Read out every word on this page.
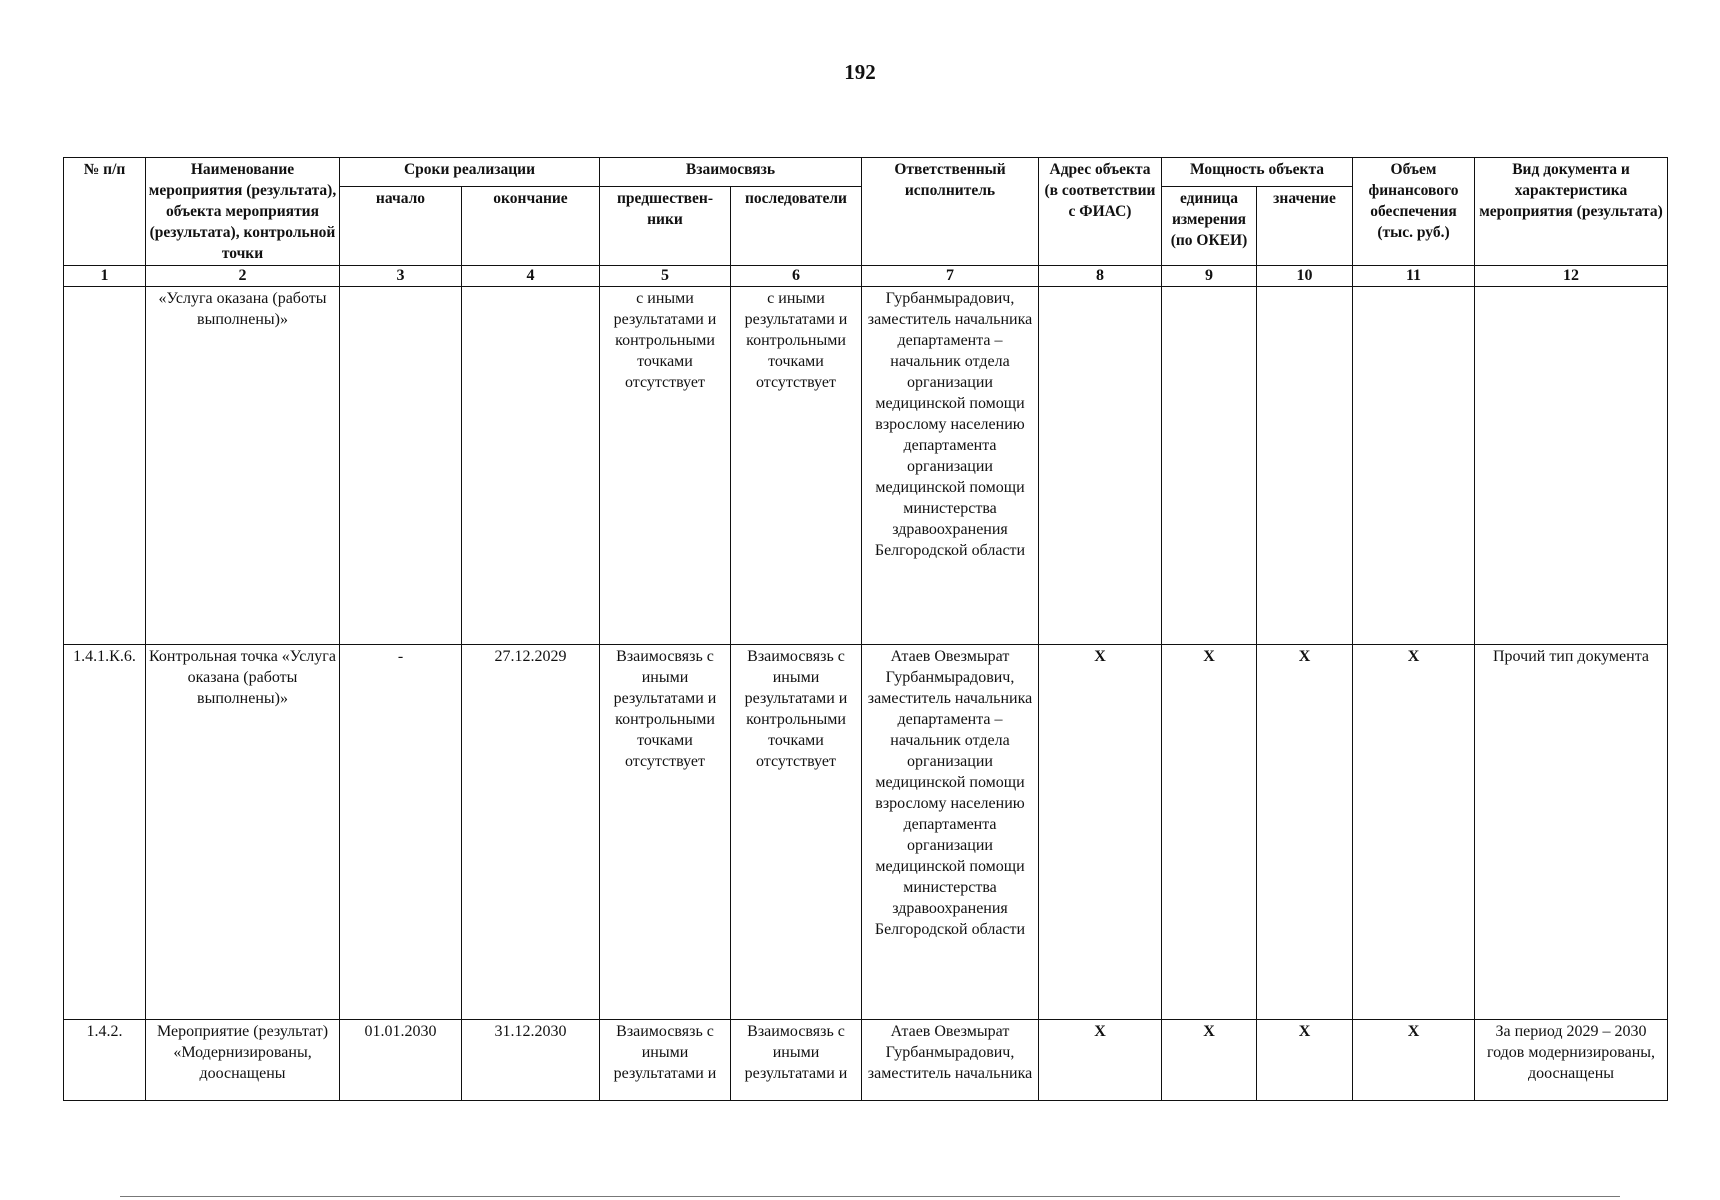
192
№ п/п	Наименование мероприятия (результата), объекта мероприятия (результата), контрольной точки	Сроки реализации		Взаимосвязь		Ответственный исполнитель	Адрес объекта (в соответствии с ФИАС)	Мощность объекта		Объем финансового обеспечения (тыс. руб.)	Вид документа и характеристика мероприятия (результата)
		начало	окончание	предшествен-ники	последователи			единица измерения (по ОКЕИ)	значение		
1	2	3	4	5	6	7	8	9	10	11	12
	«Услуга оказана (работы выполнены)»			с иными результатами и контрольными точками отсутствует	с иными результатами и контрольными точками отсутствует	Гурбанмырадович, заместитель начальника департамента – начальник отдела организации медицинской помощи взрослому населению департамента организации медицинской помощи министерства здравоохранения Белгородской области					
1.4.1.К.6.	Контрольная точка «Услуга оказана (работы выполнены)»	-	27.12.2029	Взаимосвязь с иными результатами и контрольными точками отсутствует	Взаимосвязь с иными результатами и контрольными точками отсутствует	Атаев Овезмырат Гурбанмырадович, заместитель начальника департамента – начальник отдела организации медицинской помощи взрослому населению департамента организации медицинской помощи министерства здравоохранения Белгородской области	Х	Х	Х	Х	Прочий тип документа
1.4.2.	Мероприятие (результат) «Модернизированы, дооснащены	01.01.2030	31.12.2030	Взаимосвязь с иными результатами и	Взаимосвязь с иными результатами и	Атаев Овезмырат Гурбанмырадович, заместитель начальника	Х	Х	Х	Х	За период 2029 – 2030 годов модернизированы, дооснащены
